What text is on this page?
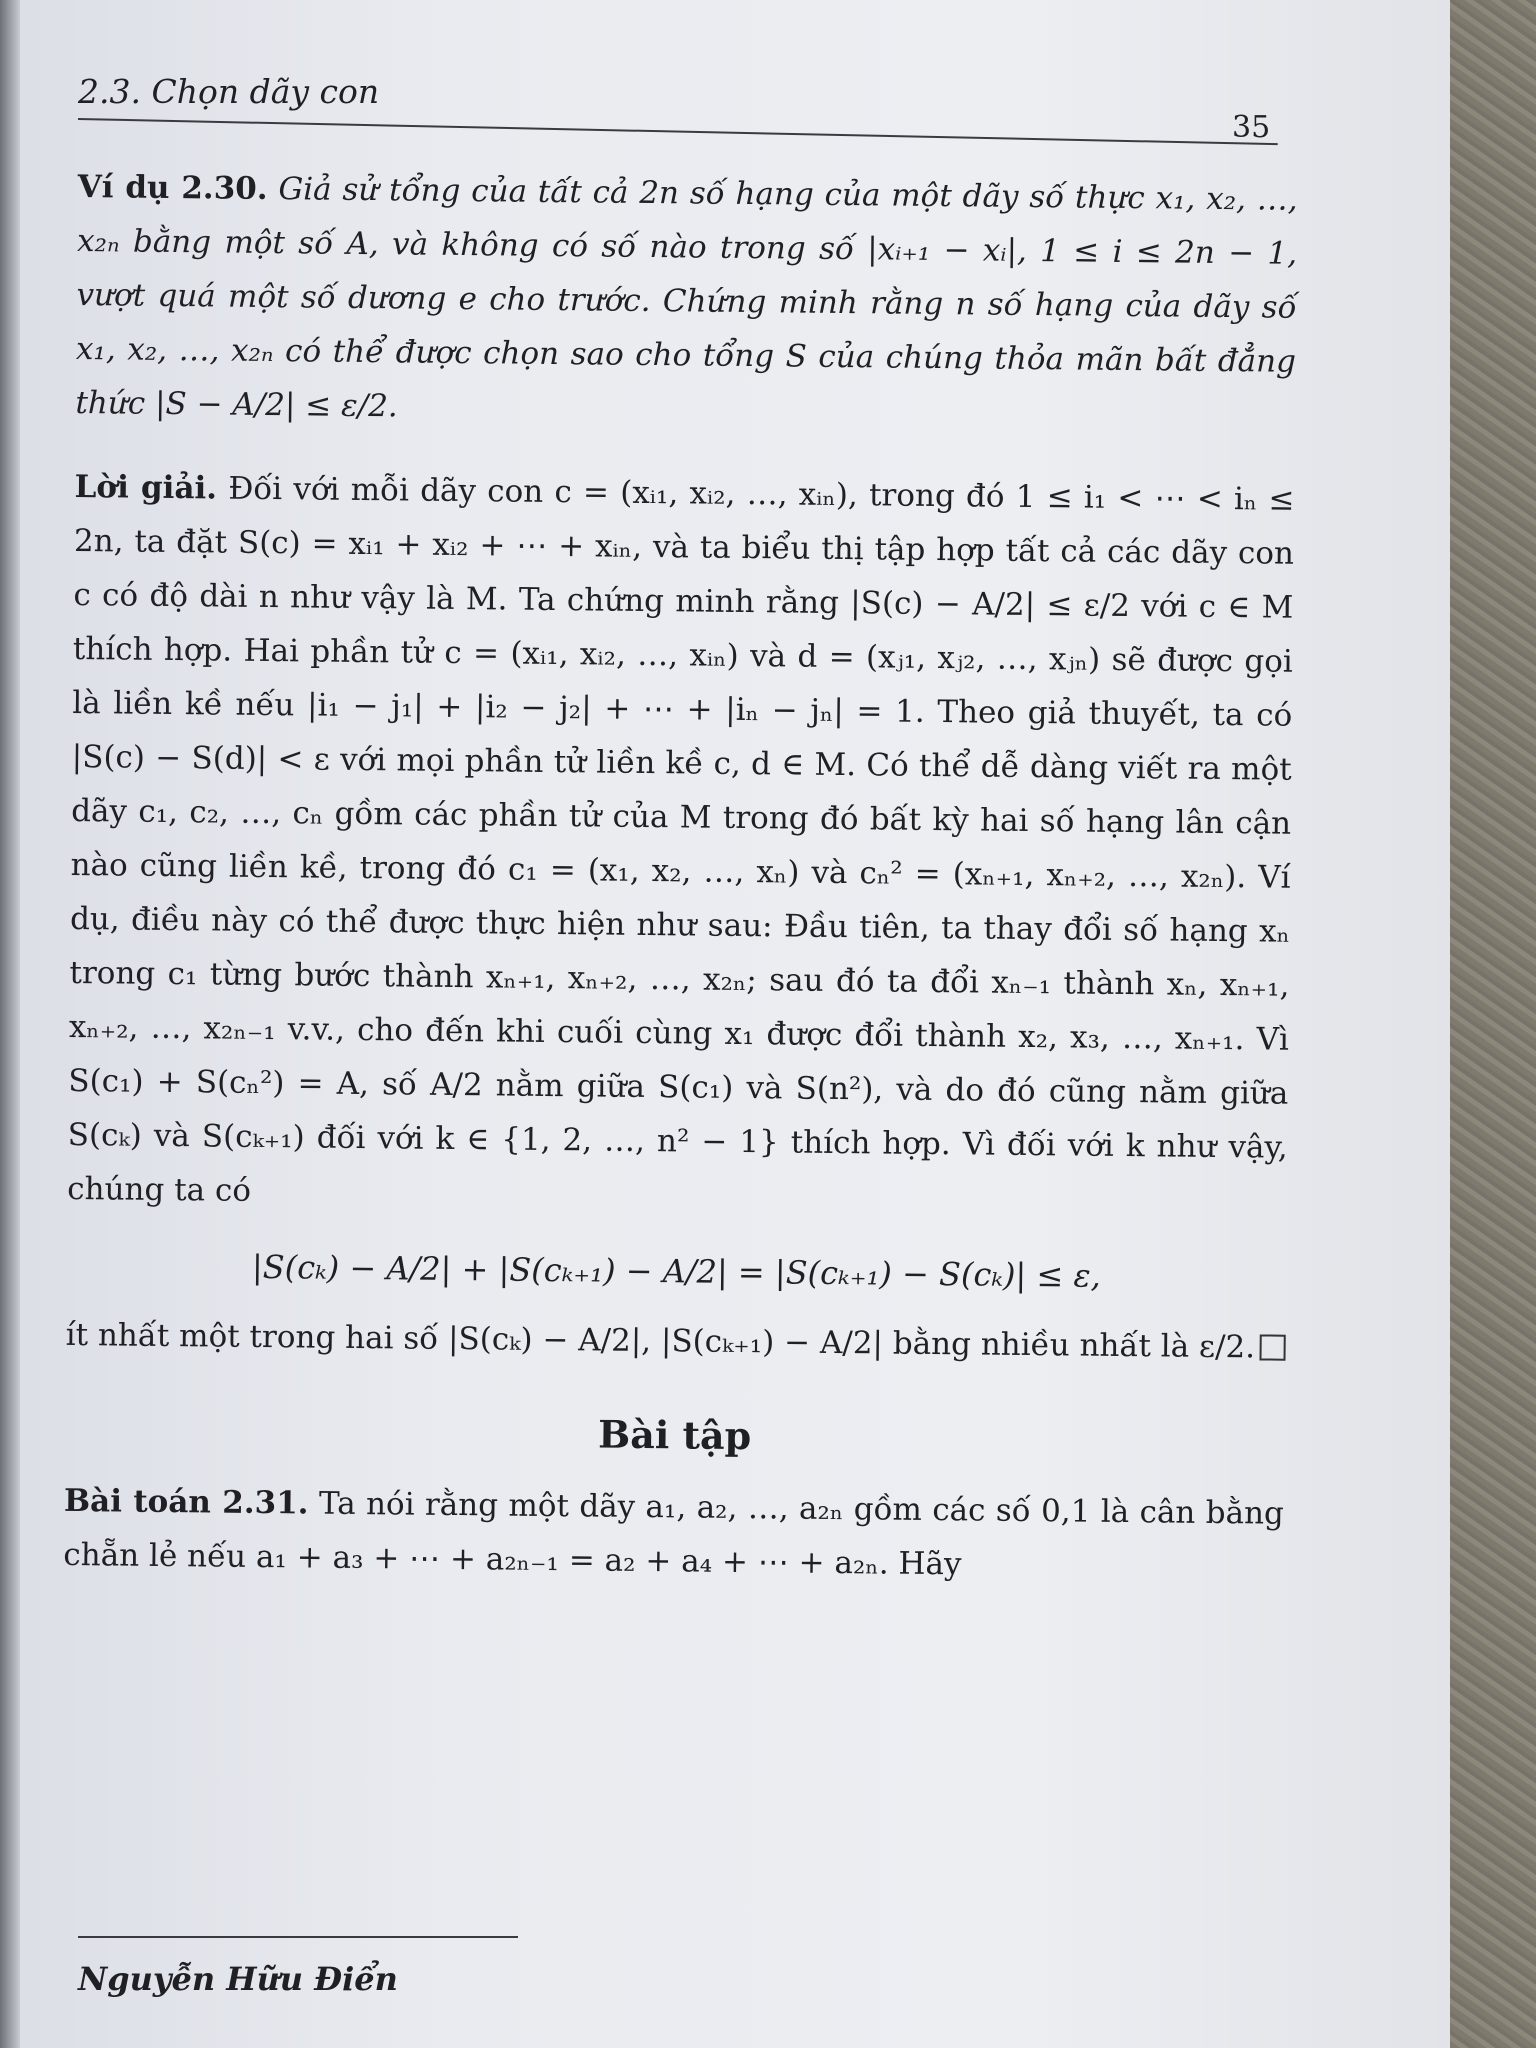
2.3. Chọn dãy con
35

Ví dụ 2.30. Giả sử tổng của tất cả 2n số hạng của một dãy số thực x₁, x₂, …, x₂ₙ bằng một số A, và không có số nào trong số |xᵢ₊₁ − xᵢ|, 1 ≤ i ≤ 2n − 1, vượt quá một số dương e cho trước. Chứng minh rằng n số hạng của dãy số x₁, x₂, …, x₂ₙ có thể được chọn sao cho tổng S của chúng thỏa mãn bất đẳng thức |S − A/2| ≤ ε/2.

Lời giải. Đối với mỗi dãy con c = (xᵢ₁, xᵢ₂, …, xᵢₙ), trong đó 1 ≤ i₁ < ⋯ < iₙ ≤ 2n, ta đặt S(c) = xᵢ₁ + xᵢ₂ + ⋯ + xᵢₙ, và ta biểu thị tập hợp tất cả các dãy con c có độ dài n như vậy là M. Ta chứng minh rằng |S(c) − A/2| ≤ ε/2 với c ∈ M thích hợp. Hai phần tử c = (xᵢ₁, xᵢ₂, …, xᵢₙ) và d = (xⱼ₁, xⱼ₂, …, xⱼₙ) sẽ được gọi là liền kề nếu |i₁ − j₁| + |i₂ − j₂| + ⋯ + |iₙ − jₙ| = 1. Theo giả thuyết, ta có |S(c) − S(d)| < ε với mọi phần tử liền kề c, d ∈ M. Có thể dễ dàng viết ra một dãy c₁, c₂, …, cₙ gồm các phần tử của M trong đó bất kỳ hai số hạng lân cận nào cũng liền kề, trong đó c₁ = (x₁, x₂, …, xₙ) và cₙ² = (xₙ₊₁, xₙ₊₂, …, x₂ₙ). Ví dụ, điều này có thể được thực hiện như sau: Đầu tiên, ta thay đổi số hạng xₙ trong c₁ từng bước thành xₙ₊₁, xₙ₊₂, …, x₂ₙ; sau đó ta đổi xₙ₋₁ thành xₙ, xₙ₊₁, xₙ₊₂, …, x₂ₙ₋₁ v.v., cho đến khi cuối cùng x₁ được đổi thành x₂, x₃, …, xₙ₊₁. Vì S(c₁) + S(cₙ²) = A, số A/2 nằm giữa S(c₁) và S(n²), và do đó cũng nằm giữa S(cₖ) và S(cₖ₊₁) đối với k ∈ {1, 2, …, n² − 1} thích hợp. Vì đối với k như vậy, chúng ta có

|S(cₖ) − A/2| + |S(cₖ₊₁) − A/2| = |S(cₖ₊₁) − S(cₖ)| ≤ ε,

ít nhất một trong hai số |S(cₖ) − A/2|, |S(cₖ₊₁) − A/2| bằng nhiều nhất là ε/2.

Bài tập

Bài toán 2.31. Ta nói rằng một dãy a₁, a₂, …, a₂ₙ gồm các số 0,1 là cân bằng chẵn lẻ nếu a₁ + a₃ + ⋯ + a₂ₙ₋₁ = a₂ + a₄ + ⋯ + a₂ₙ. Hãy

Nguyễn Hữu Điển
